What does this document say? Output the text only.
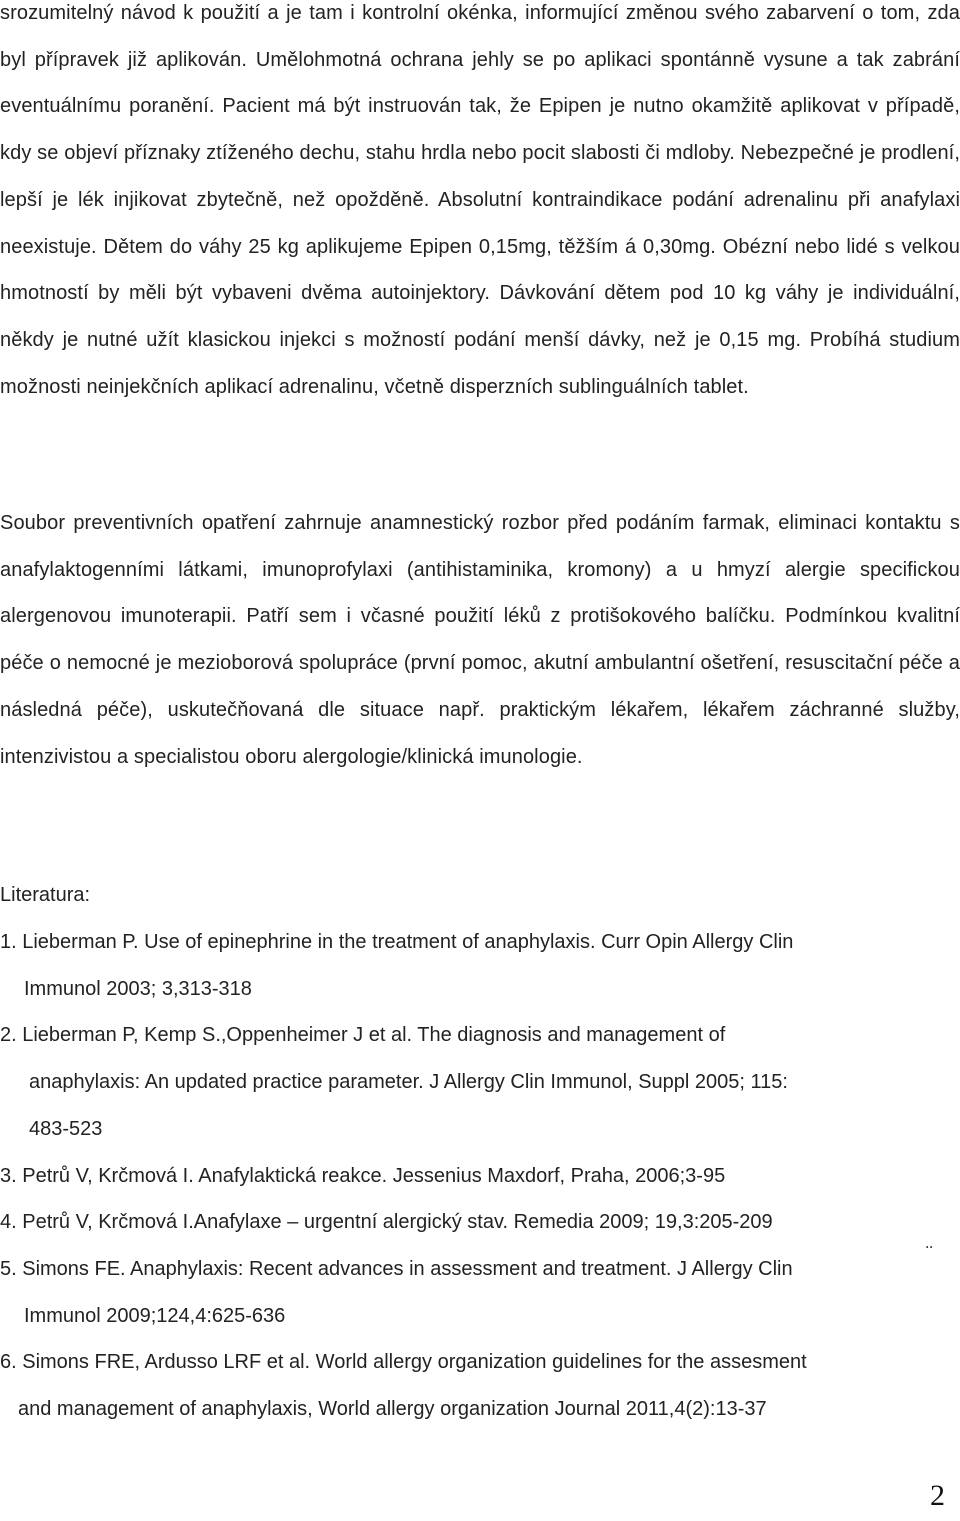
srozumitelný návod k použití a je tam i kontrolní okénka, informující změnou svého zabarvení o tom, zda byl přípravek již aplikován. Umělohmotná ochrana jehly se po aplikaci spontánně vysune a tak zabrání eventuálnímu poranění. Pacient má být instruován tak, že Epipen je nutno okamžitě aplikovat v případě, kdy se objeví příznaky ztíženého dechu, stahu hrdla nebo pocit slabosti či mdloby. Nebezpečné je prodlení, lepší je lék injikovat zbytečně, než opožděně. Absolutní kontraindikace podání adrenalinu při anafylaxi neexistuje. Dětem do váhy 25 kg aplikujeme Epipen 0,15mg, těžším á 0,30mg. Obézní nebo lidé s velkou hmotností by měli být vybaveni dvěma autoinjektory. Dávkování dětem pod 10 kg váhy je individuální, někdy je nutné užít klasickou injekci s možností podání menší dávky, než je 0,15 mg. Probíhá studium možnosti neinjekčních aplikací adrenalinu, včetně disperzních sublinguálních tablet.

Soubor preventivních opatření zahrnuje anamnestický rozbor před podáním farmak, eliminaci kontaktu s anafylaktogenními látkami, imunoprofylaxi (antihistaminika, kromony) a u hmyzí alergie specifickou alergenovou imunoterapii. Patří sem i včasné použití léků z protišokového balíčku. Podmínkou kvalitní péče o nemocné je mezioborová spolupráce (první pomoc, akutní ambulantní ošetření, resuscitační péče a následná péče), uskutečňovaná dle situace např. praktickým lékařem, lékařem záchranné služby, intenzivistou a specialistou oboru alergologie/klinická imunologie.

Literatura:

1. Lieberman P. Use of epinephrine in the treatment of anaphylaxis. Curr Opin Allergy Clin
Immunol 2003; 3,313-318
2. Lieberman P, Kemp S.,Oppenheimer J et al. The diagnosis and management of
anaphylaxis: An updated practice parameter. J Allergy Clin Immunol, Suppl 2005; 115:
483-523
3. Petrů V, Krčmová I. Anafylaktická reakce. Jessenius Maxdorf, Praha, 2006;3-95
4. Petrů V, Krčmová I.Anafylaxe – urgentní alergický stav. Remedia 2009; 19,3:205-209
5. Simons FE. Anaphylaxis: Recent advances in assessment and treatment. J Allergy Clin
Immunol 2009;124,4:625-636
6. Simons FRE, Ardusso LRF et al. World allergy organization guidelines for the assesment
and management of anaphylaxis, World allergy organization Journal 2011,4(2):13-37
¨
2
